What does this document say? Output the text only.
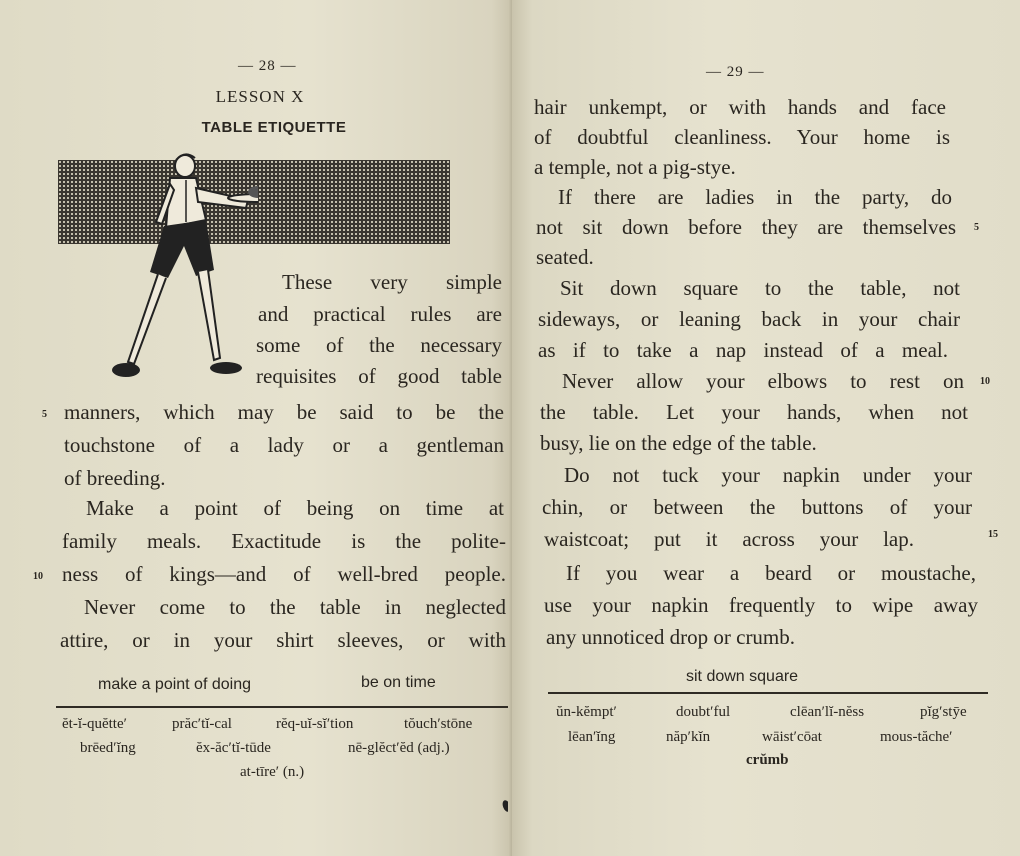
— 28 —
LESSON X
TABLE ETIQUETTE
These very simple
and practical rules are
some of the necessary
requisites of good table
5 manners, which may be said to be the
touchstone of a lady or a gentleman
of breeding.
Make a point of being on time at
family meals. Exactitude is the polite-
10 ness of kings—and of well-bred people.
Never come to the table in neglected
attire, or in your shirt sleeves, or with
make a point of doing	be on time
ĕt-ĭ-quĕtte′	prăc′tĭ-cal	rĕq-uĭ-sĭ′tion	tŏuch′stōne
brēed′ĭng	ĕx-ăc′tĭ-tūde	nē-glĕct′ĕd (adj.)
at-tīre′ (n.)
— 29 —
hair unkempt, or with hands and face
of doubtful cleanliness. Your home is
a temple, not a pig-stye.
If there are ladies in the party, do
not sit down before they are themselves 5
seated.
Sit down square to the table, not
sideways, or leaning back in your chair
as if to take a nap instead of a meal.
Never allow your elbows to rest on 10
the table. Let your hands, when not
busy, lie on the edge of the table.
Do not tuck your napkin under your
chin, or between the buttons of your
waistcoat; put it across your lap.	15
If you wear a beard or moustache,
use your napkin frequently to wipe away
any unnoticed drop or crumb.
sit down square
ŭn-kĕmpt′	doubt′ful	clēan′lĭ-nĕss	pĭg′stȳe
lēan′ĭng	năp′kĭn	wāist′cōat	mous-tăche′
crŭmb
